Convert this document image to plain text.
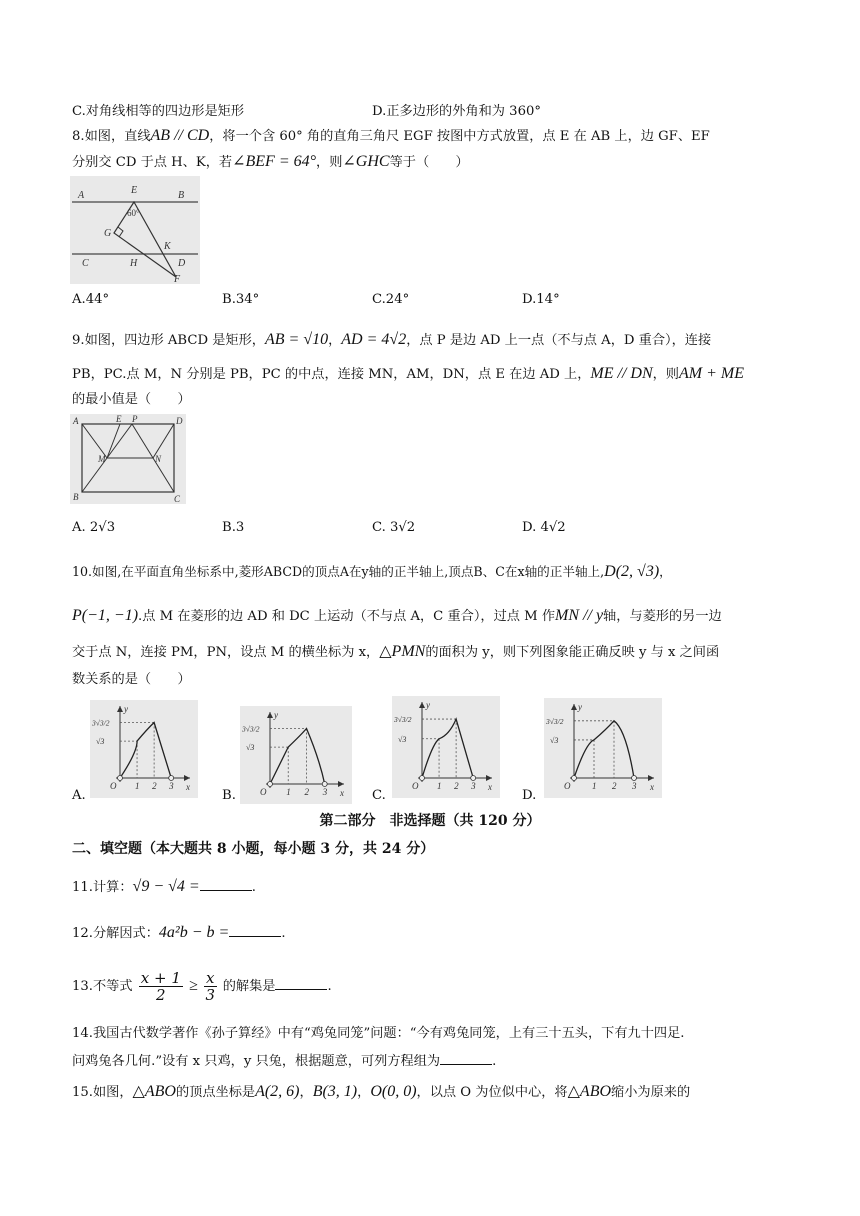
C.对角线相等的四边形是矩形	D.正多边形的外角和为 360°
8.如图，直线AB // CD，将一个含 60° 角的直角三角尺 EGF 按图中方式放置，点 E 在 AB 上，边 GF、EF
分别交 CD 于点 H、K，若∠BEF = 64°，则∠GHC等于（　　）
A	E	B
60°
G
K
C	H	D
F
A.44°	B.34°	C.24°	D.14°
9.如图，四边形 ABCD 是矩形，AB = √10，AD = 4√2，点 P 是边 AD 上一点（不与点 A，D 重合），连接
PB，PC.点 M，N 分别是 PB，PC 的中点，连接 MN，AM，DN，点 E 在边 AD 上，ME // DN，则AM + ME
的最小值是（　　）
A	E P	D
M	N
B	C
A. 2√3	B.3	C. 3√2	D. 4√2
10.如图,在平面直角坐标系中,菱形ABCD的顶点A在y轴的正半轴上,顶点B、C在x轴的正半轴上,D(2, √3)，
P(−1, −1).点 M 在菱形的边 AD 和 DC 上运动（不与点 A，C 重合），过点 M 作MN // y轴，与菱形的另一边
交于点 N，连接 PM，PN，设点 M 的横坐标为 x，△PMN的面积为 y，则下列图象能正确反映 y 与 x 之间函
数关系的是（　　）
A.
y
x
O
3√3/2
√3
1 2 3
B.
y
x
O
3√3/2
√3
1 2 3	C.
y
x
O
3√3/2
√3
1 2 3
D.
y
x
O
3√3/2
√3
1 2 3
第二部分　非选择题（共 120 分）
二、填空题（本大题共 8 小题，每小题 3 分，共 24 分）
11.计算：√9 − √4 =	.
12.分解因式：4a²b − b =	.
13.不等式 $\frac{x + 1}{2} \ge \frac{x}{3}$ 的解集是	.
14.我国古代数学著作《孙子算经》中有“鸡兔同笼”问题：“今有鸡兔同笼，上有三十五头，下有九十四足.
问鸡兔各几何.”设有 x 只鸡，y 只兔，根据题意，可列方程组为	.
15.如图，△ABO的顶点坐标是A(2, 6)，B(3, 1)，O(0, 0)，以点 O 为位似中心，将△ABO缩小为原来的
